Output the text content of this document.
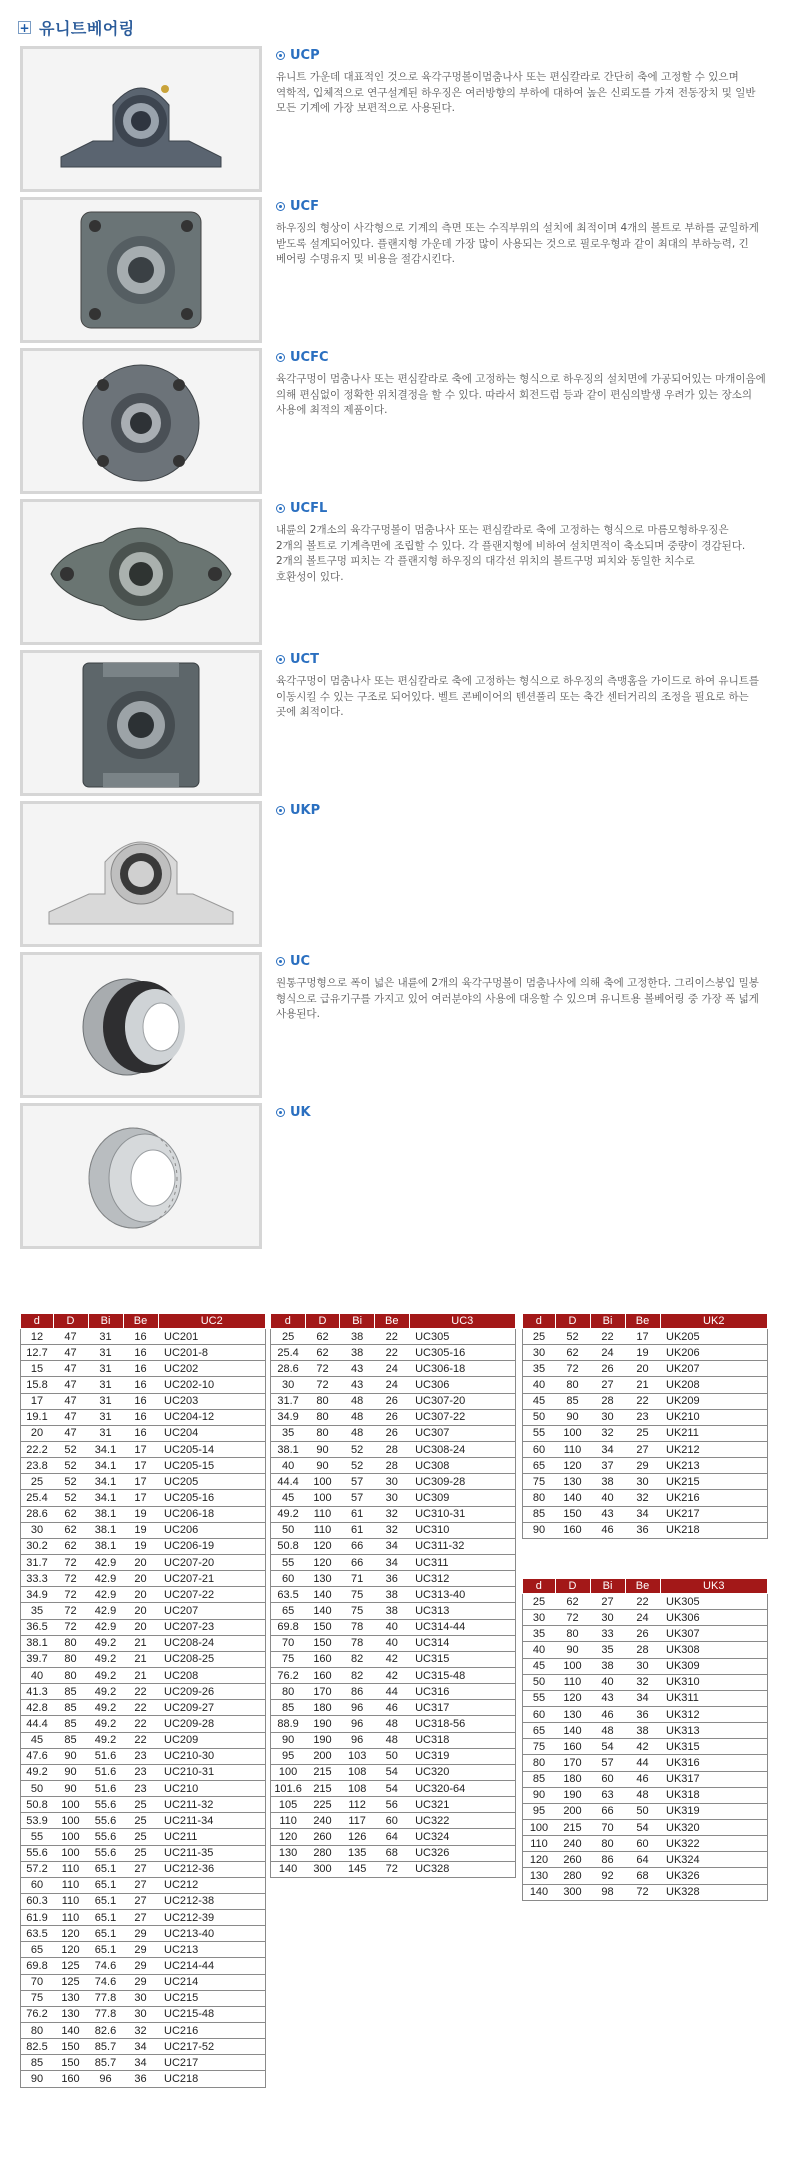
+ 유니트베어링
UCP
유니트 가운데 대표적인 것으로 육각구멍볼이멈춤나사 또는 편심칼라로 간단히 축에 고정할 수 있으며
역학적, 입체적으로 연구설계된 하우징은 여러방향의 부하에 대하여 높은 신뢰도를 가져 전동장치 및 일반
모든 기계에 가장 보편적으로 사용된다.
UCF
하우징의 형상이 사각형으로 기계의 측면 또는 수직부위의 설치에 최적이며 4개의 볼트로 부하를 균일하게
받도록 설계되어있다. 플랜지형 가운데 가장 많이 사용되는 것으로 필로우형과 같이 최대의 부하능력, 긴
베어링 수명유지 및 비용을 절감시킨다.
UCFC
육각구멍이 멈춤나사 또는 편심칼라로 축에 고정하는 형식으로 하우징의 설치면에 가공되어있는 마개이음에
의해 편심없이 정확한 위치결정을 할 수 있다. 따라서 회전드럼 등과 같이 편심의발생 우려가 있는 장소의
사용에 최적의 제품이다.
UCFL
내륜의 2개소의 육각구멍볼이 멈춤나사 또는 편심칼라로 축에 고정하는 형식으로 마름모형하우징은
2개의 볼트로 기계측면에 조립할 수 있다. 각 플랜지형에 비하여 설치면적이 축소되며 중량이 경감된다.
2개의 볼트구멍 피치는 각 플랜지형 하우징의 대각선 위치의 볼트구멍 피치와 동일한 치수로
호환성이 있다.
UCT
육각구멍이 멈춤나사 또는 편심칼라로 축에 고정하는 형식으로 하우징의 측맹홈을 가이드로 하여 유니트를
이동시킬 수 있는 구조로 되어있다. 벨트 콘베이어의 텐션풀리 또는 축간 센터거리의 조정을 필요로 하는
곳에 최적이다.
UKP
UC
원통구멍형으로 폭이 넓은 내륜에 2개의 육각구멍볼이 멈춤나사에 의해 축에 고정한다. 그리이스봉입 밀봉
형식으로 급유기구를 가지고 있어 여러분야의 사용에 대응할 수 있으며 유니트용 볼베어링 중 가장 폭 넓게
사용된다.
UK
d	D	Bi	Be	UC2
12	47	31	16	UC201
12.7	47	31	16	UC201-8
15	47	31	16	UC202
15.8	47	31	16	UC202-10
17	47	31	16	UC203
19.1	47	31	16	UC204-12
20	47	31	16	UC204
22.2	52	34.1	17	UC205-14
23.8	52	34.1	17	UC205-15
25	52	34.1	17	UC205
25.4	52	34.1	17	UC205-16
28.6	62	38.1	19	UC206-18
30	62	38.1	19	UC206
30.2	62	38.1	19	UC206-19
31.7	72	42.9	20	UC207-20
33.3	72	42.9	20	UC207-21
34.9	72	42.9	20	UC207-22
35	72	42.9	20	UC207
36.5	72	42.9	20	UC207-23
38.1	80	49.2	21	UC208-24
39.7	80	49.2	21	UC208-25
40	80	49.2	21	UC208
41.3	85	49.2	22	UC209-26
42.8	85	49.2	22	UC209-27
44.4	85	49.2	22	UC209-28
45	85	49.2	22	UC209
47.6	90	51.6	23	UC210-30
49.2	90	51.6	23	UC210-31
50	90	51.6	23	UC210
50.8	100	55.6	25	UC211-32
53.9	100	55.6	25	UC211-34
55	100	55.6	25	UC211
55.6	100	55.6	25	UC211-35
57.2	110	65.1	27	UC212-36
60	110	65.1	27	UC212
60.3	110	65.1	27	UC212-38
61.9	110	65.1	27	UC212-39
63.5	120	65.1	29	UC213-40
65	120	65.1	29	UC213
69.8	125	74.6	29	UC214-44
70	125	74.6	29	UC214
75	130	77.8	30	UC215
76.2	130	77.8	30	UC215-48
80	140	82.6	32	UC216
82.5	150	85.7	34	UC217-52
85	150	85.7	34	UC217
90	160	96	36	UC218
d	D	Bi	Be	UC3
25	62	38	22	UC305
25.4	62	38	22	UC305-16
28.6	72	43	24	UC306-18
30	72	43	24	UC306
31.7	80	48	26	UC307-20
34.9	80	48	26	UC307-22
35	80	48	26	UC307
38.1	90	52	28	UC308-24
40	90	52	28	UC308
44.4	100	57	30	UC309-28
45	100	57	30	UC309
49.2	110	61	32	UC310-31
50	110	61	32	UC310
50.8	120	66	34	UC311-32
55	120	66	34	UC311
60	130	71	36	UC312
63.5	140	75	38	UC313-40
65	140	75	38	UC313
69.8	150	78	40	UC314-44
70	150	78	40	UC314
75	160	82	42	UC315
76.2	160	82	42	UC315-48
80	170	86	44	UC316
85	180	96	46	UC317
88.9	190	96	48	UC318-56
90	190	96	48	UC318
95	200	103	50	UC319
100	215	108	54	UC320
101.6	215	108	54	UC320-64
105	225	112	56	UC321
110	240	117	60	UC322
120	260	126	64	UC324
130	280	135	68	UC326
140	300	145	72	UC328
d	D	Bi	Be	UK2
25	52	22	17	UK205
30	62	24	19	UK206
35	72	26	20	UK207
40	80	27	21	UK208
45	85	28	22	UK209
50	90	30	23	UK210
55	100	32	25	UK211
60	110	34	27	UK212
65	120	37	29	UK213
75	130	38	30	UK215
80	140	40	32	UK216
85	150	43	34	UK217
90	160	46	36	UK218
d	D	Bi	Be	UK3
25	62	27	22	UK305
30	72	30	24	UK306
35	80	33	26	UK307
40	90	35	28	UK308
45	100	38	30	UK309
50	110	40	32	UK310
55	120	43	34	UK311
60	130	46	36	UK312
65	140	48	38	UK313
75	160	54	42	UK315
80	170	57	44	UK316
85	180	60	46	UK317
90	190	63	48	UK318
95	200	66	50	UK319
100	215	70	54	UK320
110	240	80	60	UK322
120	260	86	64	UK324
130	280	92	68	UK326
140	300	98	72	UK328
